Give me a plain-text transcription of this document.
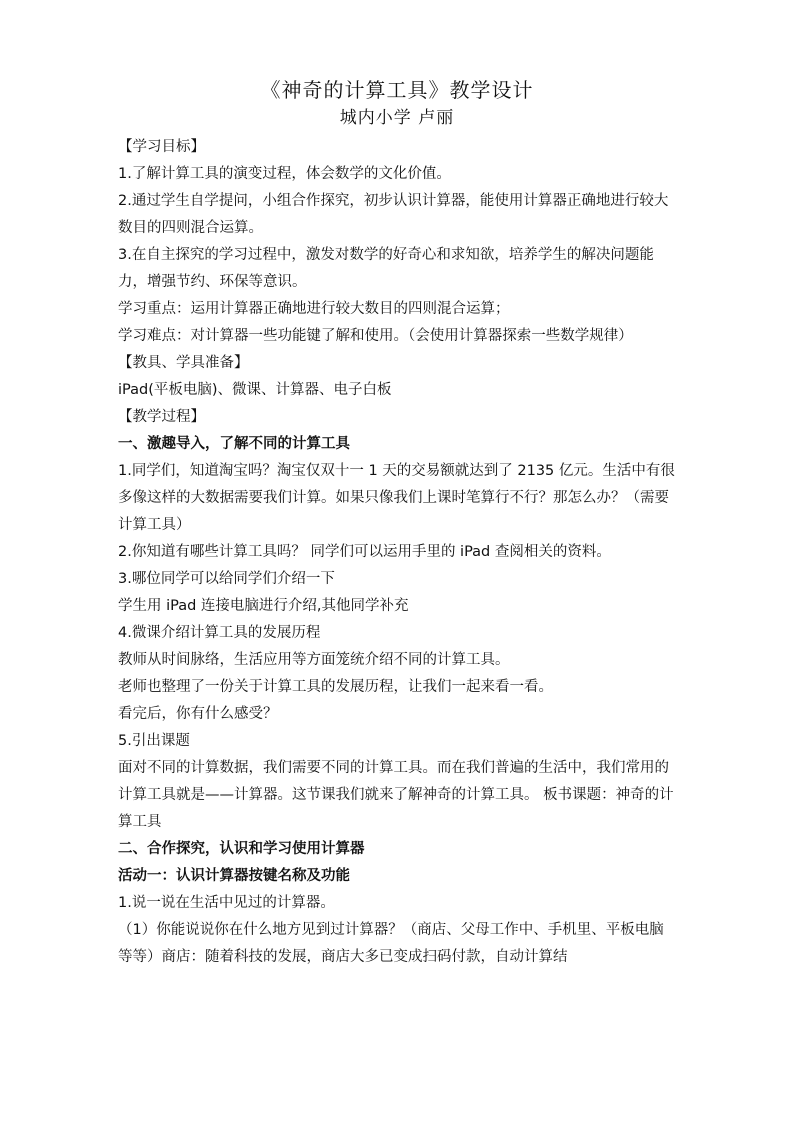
《神奇的计算工具》教学设计
城内小学 卢丽

【学习目标】

1.了解计算工具的演变过程，体会数学的文化价值。

2.通过学生自学提问，小组合作探究，初步认识计算器，能使用计算器正确地进行较大数目的四则混合运算。

3.在自主探究的学习过程中，激发对数学的好奇心和求知欲，培养学生的解决问题能力，增强节约、环保等意识。

学习重点：运用计算器正确地进行较大数目的四则混合运算；

学习难点：对计算器一些功能键了解和使用。（会使用计算器探索一些数学规律）

【教具、学具准备】

iPad(平板电脑)、微课、计算器、电子白板

【教学过程】

一、激趣导入，了解不同的计算工具

1.同学们，知道淘宝吗？淘宝仅双十一 1 天的交易额就达到了 2135 亿元。生活中有很多像这样的大数据需要我们计算。如果只像我们上课时笔算行不行？那怎么办？（需要计算工具）

2.你知道有哪些计算工具吗？ 同学们可以运用手里的 iPad 查阅相关的资料。

3.哪位同学可以给同学们介绍一下

学生用 iPad 连接电脑进行介绍,其他同学补充

4.微课介绍计算工具的发展历程

教师从时间脉络，生活应用等方面笼统介绍不同的计算工具。

老师也整理了一份关于计算工具的发展历程，让我们一起来看一看。

看完后，你有什么感受？

5.引出课题

面对不同的计算数据，我们需要不同的计算工具。而在我们普遍的生活中，我们常用的计算工具就是——计算器。这节课我们就来了解神奇的计算工具。 板书课题：神奇的计算工具

二、合作探究，认识和学习使用计算器

活动一：认识计算器按键名称及功能

1.说一说在生活中见过的计算器。

（1）你能说说你在什么地方见到过计算器？（商店、父母工作中、手机里、平板电脑等等）商店：随着科技的发展，商店大多已变成扫码付款，自动计算结
